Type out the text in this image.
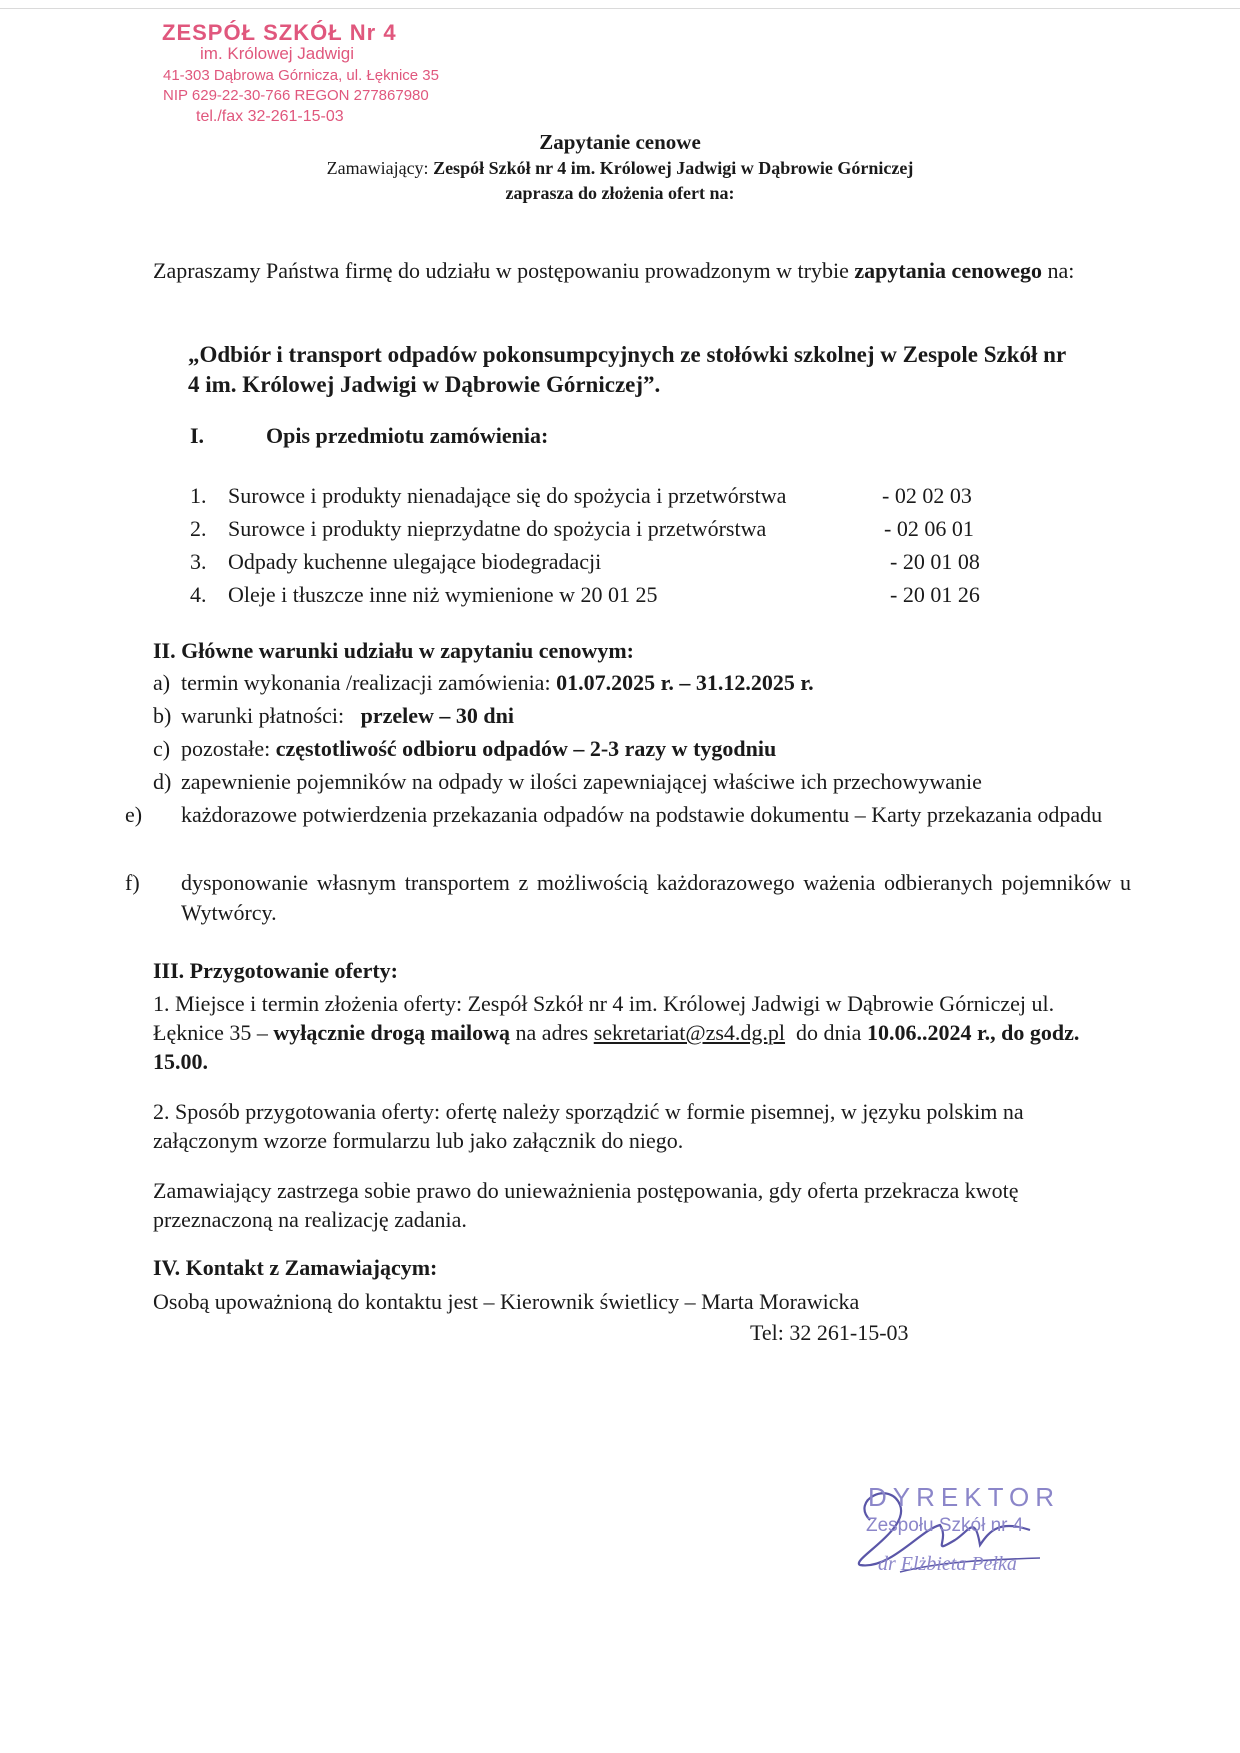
ZESPÓŁ SZKÓŁ Nr 4
im. Królowej Jadwigi
41-303 Dąbrowa Górnicza, ul. Łęknice 35
NIP 629-22-30-766 REGON 277867980
tel./fax 32-261-15-03
Zapytanie cenowe
Zamawiający: Zespół Szkół nr 4 im. Królowej Jadwigi w Dąbrowie Górniczej
zaprasza do złożenia ofert na:
Zapraszamy Państwa firmę do udziału w postępowaniu prowadzonym w trybie zapytania cenowego na:
„Odbiór i transport odpadów pokonsumpcyjnych ze stołówki szkolnej w Zespole Szkół nr 4 im. Królowej Jadwigi w Dąbrowie Górniczej”.
I.	Opis przedmiotu zamówienia:
1. Surowce i produkty nienadające się do spożycia i przetwórstwa	- 02 02 03
2. Surowce i produkty nieprzydatne do spożycia i przetwórstwa	- 02 06 01
3. Odpady kuchenne ulegające biodegradacji	- 20 01 08
4. Oleje i tłuszcze inne niż wymienione w 20 01 25	- 20 01 26
II. Główne warunki udziału w zapytaniu cenowym:
a) termin wykonania /realizacji zamówienia: 01.07.2025 r. – 31.12.2025 r.
b) warunki płatności:   przelew – 30 dni
c) pozostałe: częstotliwość odbioru odpadów – 2-3 razy w tygodniu
d) zapewnienie pojemników na odpady w ilości zapewniającej właściwe ich przechowywanie
e) każdorazowe potwierdzenia przekazania odpadów na podstawie dokumentu – Karty przekazania odpadu
f) dysponowanie własnym transportem z możliwością każdorazowego ważenia odbieranych pojemników u Wytwórcy.
III. Przygotowanie oferty:
1. Miejsce i termin złożenia oferty: Zespół Szkół nr 4 im. Królowej Jadwigi w Dąbrowie Górniczej ul. Łęknice 35 – wyłącznie drogą mailową na adres sekretariat@zs4.dg.pl  do dnia 10.06..2024 r., do godz. 15.00.
2. Sposób przygotowania oferty: ofertę należy sporządzić w formie pisemnej, w języku polskim na załączonym wzorze formularzu lub jako załącznik do niego.
Zamawiający zastrzega sobie prawo do unieważnienia postępowania, gdy oferta przekracza kwotę przeznaczoną na realizację zadania.
IV. Kontakt z Zamawiającym:
Osobą upoważnioną do kontaktu jest – Kierownik świetlicy – Marta Morawicka
Tel: 32 261-15-03
DYREKTOR
Zespołu Szkół nr 4
dr Elżbieta Pełka
